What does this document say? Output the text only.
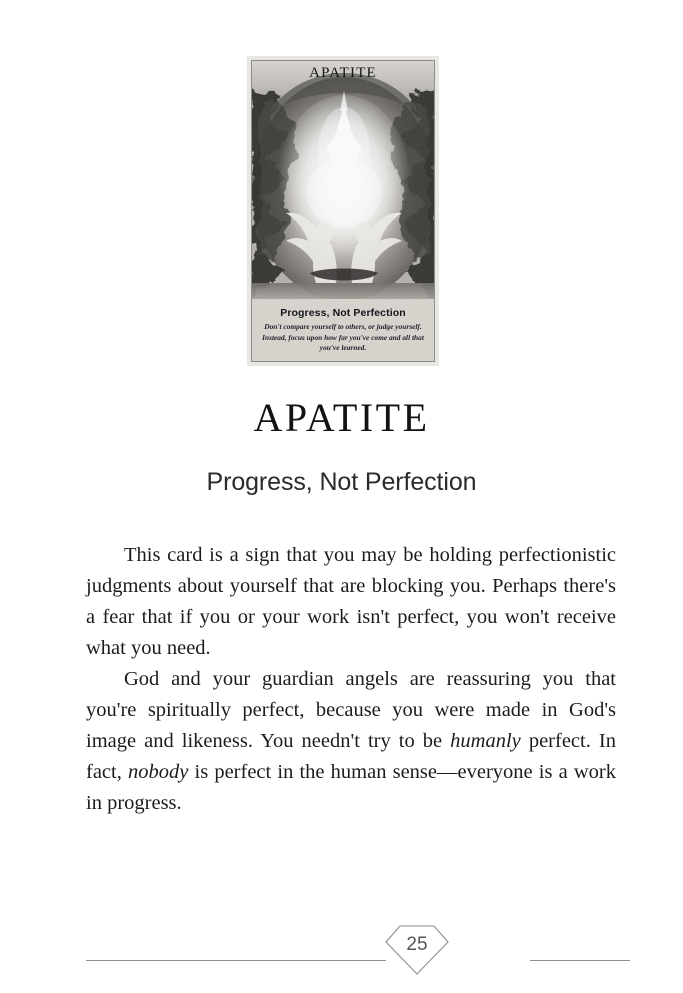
APATITE
Progress, Not Perfection
Don't compare yourself to others, or judge yourself. Instead, focus upon how far you've come and all that you've learned.
APATITE
Progress, Not Perfection

This card is a sign that you may be holding perfectionistic judgments about yourself that are blocking you. Perhaps there's a fear that if you or your work isn't perfect, you won't receive what you need.

God and your guardian angels are reassuring you that you're spiritually perfect, because you were made in God's image and likeness. You needn't try to be humanly perfect. In fact, nobody is perfect in the human sense—everyone is a work in progress.

25
